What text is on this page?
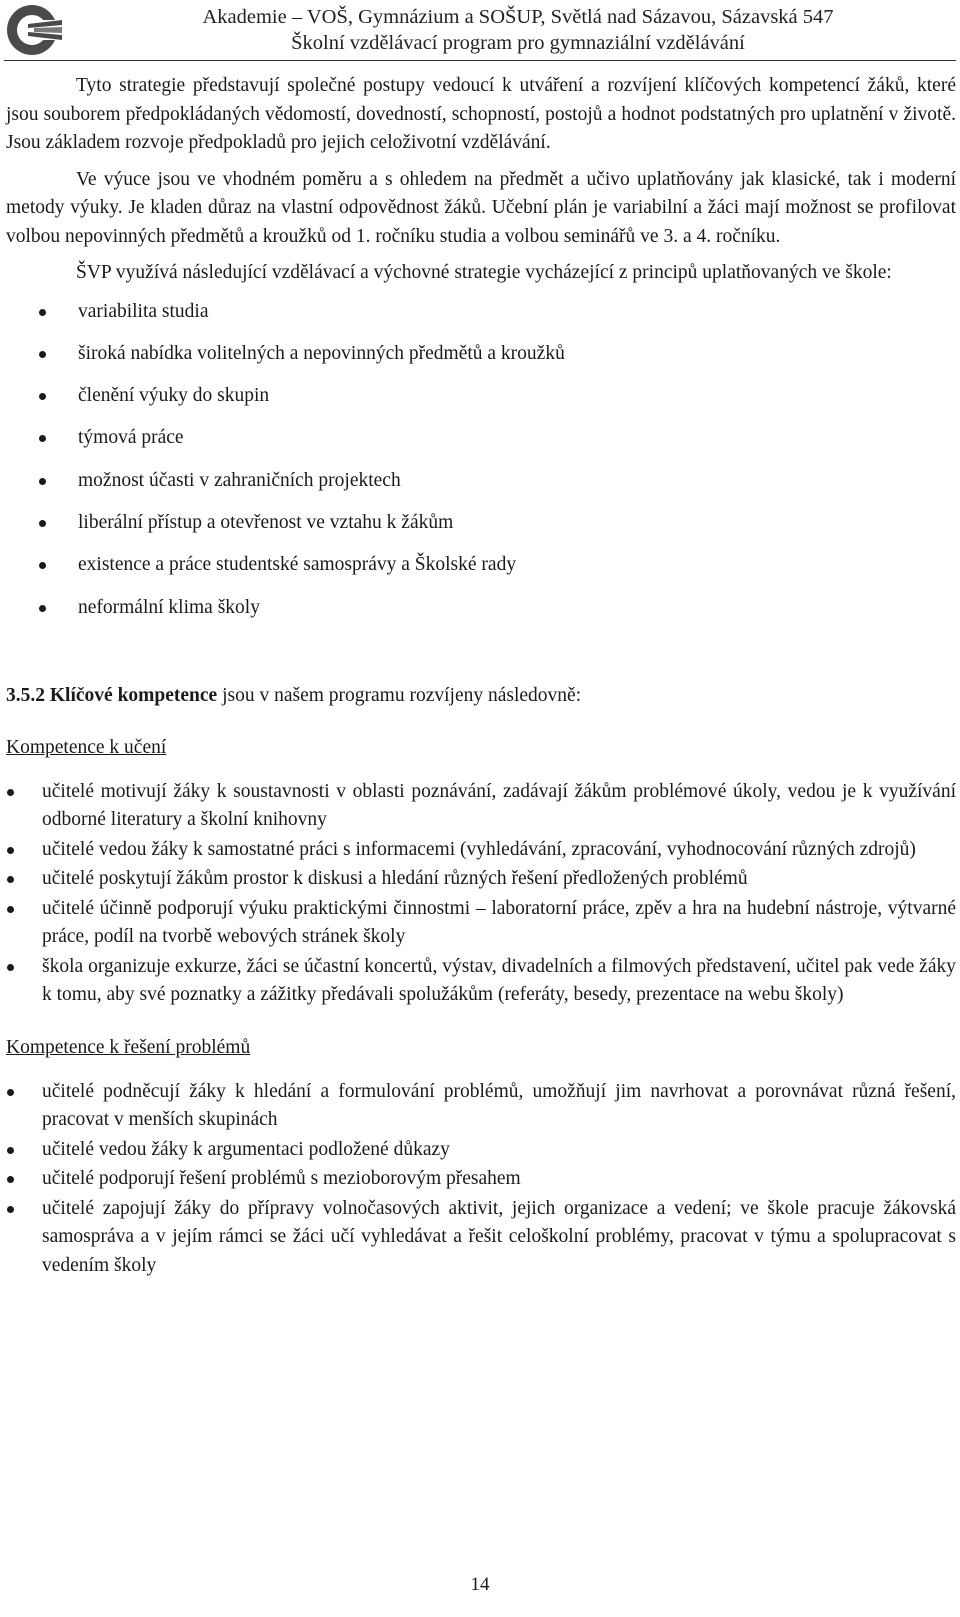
Akademie – VOŠ, Gymnázium a SOŠUP, Světlá nad Sázavou, Sázavská 547
Školní vzdělávací program pro gymnaziální vzdělávání

Tyto strategie představují společné postupy vedoucí k utváření a rozvíjení klíčových kompetencí žáků, které jsou souborem předpokládaných vědomostí, dovedností, schopností, postojů a hodnot podstatných pro uplatnění v životě. Jsou základem rozvoje předpokladů pro jejich celoživotní vzdělávání.

Ve výuce jsou ve vhodném poměru a s ohledem na předmět a učivo uplatňovány jak klasické, tak i moderní metody výuky. Je kladen důraz na vlastní odpovědnost žáků. Učební plán je variabilní a žáci mají možnost se profilovat volbou nepovinných předmětů a kroužků od 1. ročníku studia a volbou seminářů ve 3. a 4. ročníku.

ŠVP využívá následující vzdělávací a výchovné strategie vycházející z principů uplatňovaných ve škole:

variabilita studia
široká nabídka volitelných a nepovinných předmětů a kroužků
členění výuky do skupin
týmová práce
možnost účasti v zahraničních projektech
liberální přístup a otevřenost ve vztahu k žákům
existence a práce studentské samosprávy a Školské rady
neformální klima školy
3.5.2 Klíčové kompetence jsou v našem programu rozvíjeny následovně:
Kompetence k učení
učitelé motivují žáky k soustavnosti v oblasti poznávání, zadávají žákům problémové úkoly, vedou je k využívání odborné literatury a školní knihovny
učitelé vedou žáky k samostatné práci s informacemi (vyhledávání, zpracování, vyhodnocování různých zdrojů)
učitelé poskytují žákům prostor k diskusi a hledání různých řešení předložených problémů
učitelé účinně podporují výuku praktickými činnostmi – laboratorní práce, zpěv a hra na hudební nástroje, výtvarné práce, podíl na tvorbě webových stránek školy
škola organizuje exkurze, žáci se účastní koncertů, výstav, divadelních a filmových představení, učitel pak vede žáky k tomu, aby své poznatky a zážitky předávali spolužákům (referáty, besedy, prezentace na webu školy)
Kompetence k řešení problémů
učitelé podněcují žáky k hledání a formulování problémů, umožňují jim navrhovat a porovnávat různá řešení, pracovat v menších skupinách
učitelé vedou žáky k argumentaci podložené důkazy
učitelé podporují řešení problémů s mezioborovým přesahem
učitelé zapojují žáky do přípravy volnočasových aktivit, jejich organizace a vedení; ve škole pracuje žákovská samospráva a v jejím rámci se žáci učí vyhledávat a řešit celoškolní problémy, pracovat v týmu a spolupracovat s vedením školy
14
